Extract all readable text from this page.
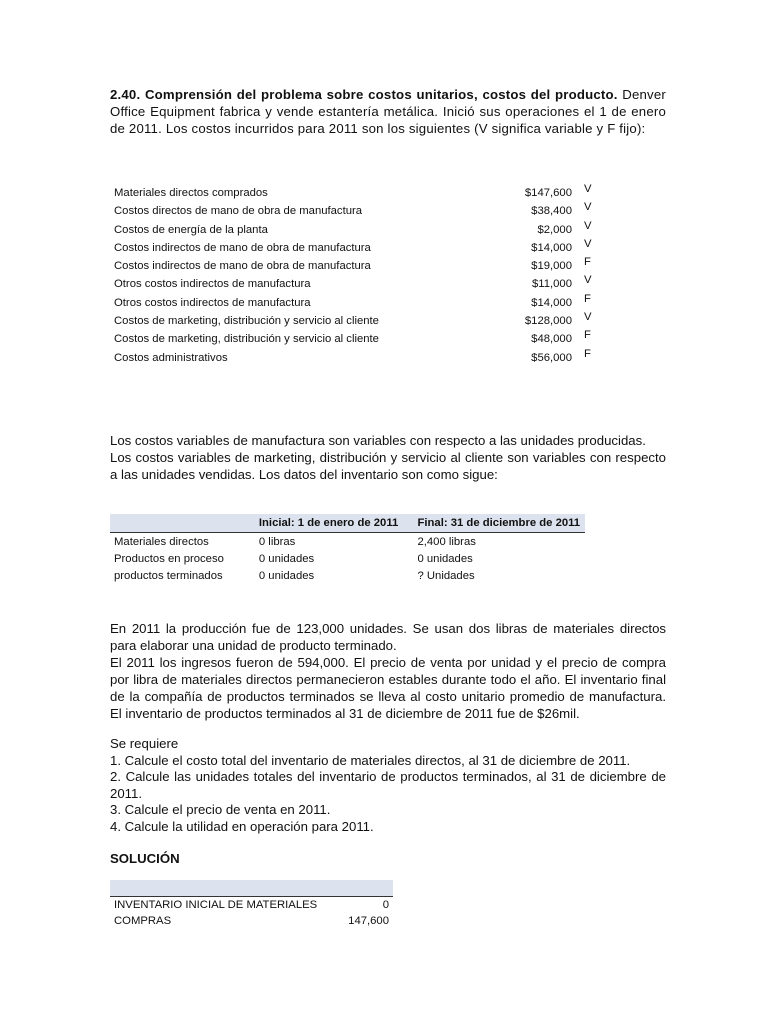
2.40. Comprensión del problema sobre costos unitarios, costos del producto. Denver Office Equipment fabrica y vende estantería metálica. Inició sus operaciones el 1 de enero de 2011. Los costos incurridos para 2011 son los siguientes (V significa variable y F fijo):
Materiales directos comprados	$147,600 V
Costos directos de mano de obra de manufactura	$38,400 V
Costos de energía de la planta	$2,000 V
Costos indirectos de mano de obra de manufactura	$14,000 V
Costos indirectos de mano de obra de manufactura	$19,000 F
Otros costos indirectos de manufactura	$11,000 V
Otros costos indirectos de manufactura	$14,000 F
Costos de marketing, distribución y servicio al cliente	$128,000 V
Costos de marketing, distribución y servicio al cliente	$48,000 F
Costos administrativos	$56,000 F
Los costos variables de manufactura son variables con respecto a las unidades producidas.
Los costos variables de marketing, distribución y servicio al cliente son variables con respecto a las unidades vendidas. Los datos del inventario son como sigue:
	Inicial: 1 de enero de 2011	Final: 31 de diciembre de 2011
Materiales directos	0 libras	2,400 libras
Productos en proceso	0 unidades	0 unidades
productos terminados	0 unidades	? Unidades
En 2011 la producción fue de 123,000 unidades. Se usan dos libras de materiales directos para elaborar una unidad de producto terminado.
El 2011 los ingresos fueron de 594,000. El precio de venta por unidad y el precio de compra por libra de materiales directos permanecieron estables durante todo el año. El inventario final de la compañía de productos terminados se lleva al costo unitario promedio de manufactura. El inventario de productos terminados al 31 de diciembre de 2011 fue de $26mil.
Se requiere
1. Calcule el costo total del inventario de materiales directos, al 31 de diciembre de 2011.
2. Calcule las unidades totales del inventario de productos terminados, al 31 de diciembre de 2011.
3. Calcule el precio de venta en 2011.
4. Calcule la utilidad en operación para 2011.
SOLUCIÓN

INVENTARIO INICIAL DE MATERIALES	0
COMPRAS	147,600
